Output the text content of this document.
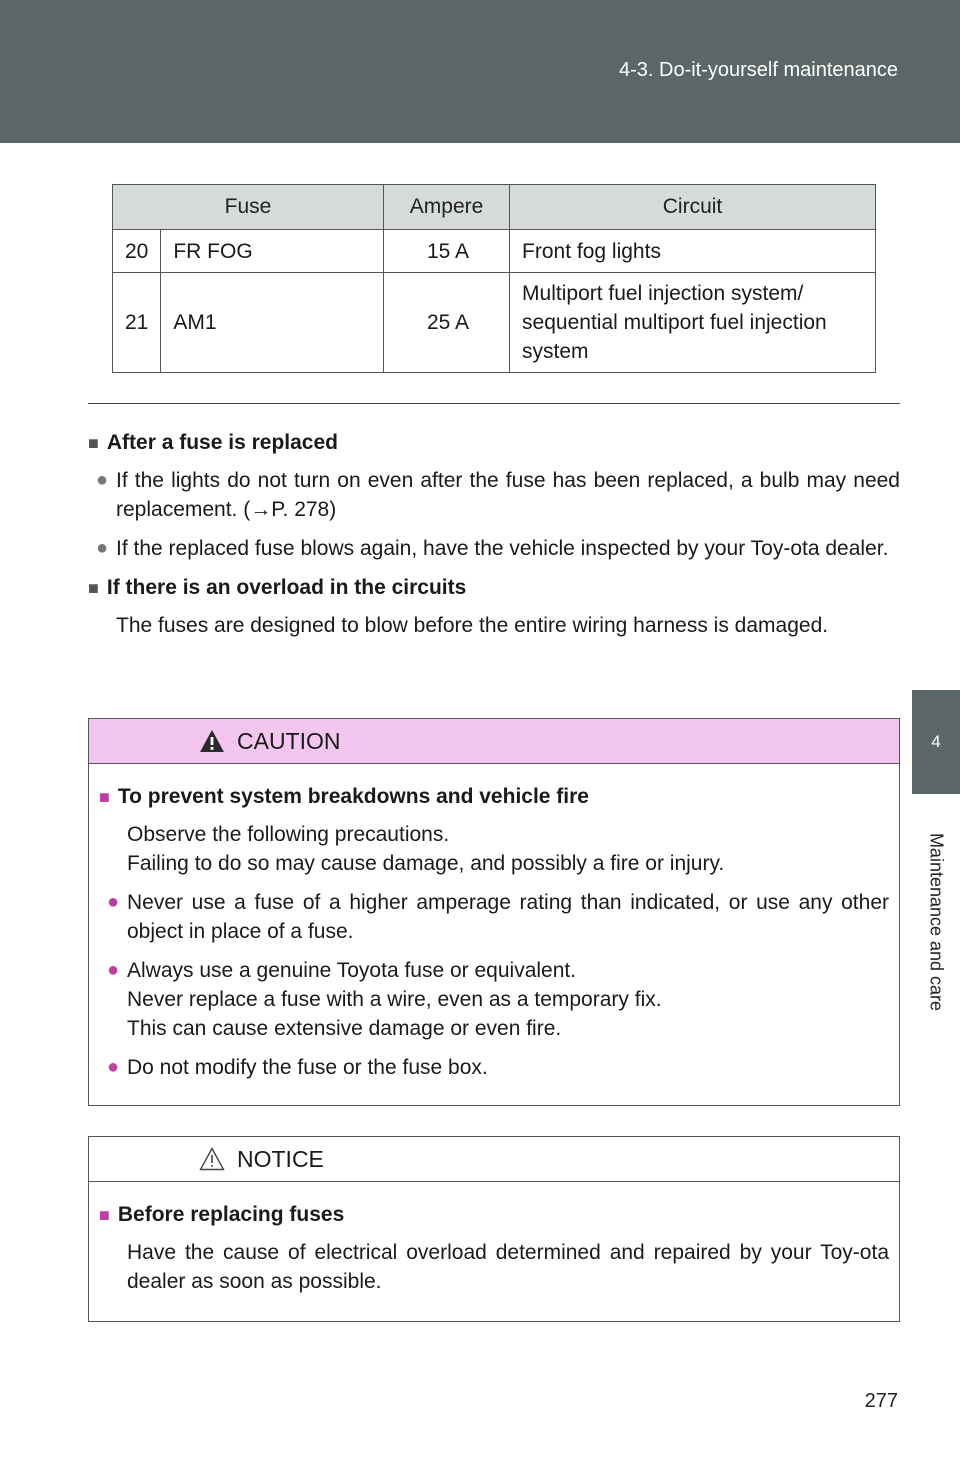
4-3. Do-it-yourself maintenance
4
Maintenance and care
Fuse		Ampere	Circuit
20	FR FOG	15 A	Front fog lights
21	AM1	25 A	Multiport fuel injection system/
sequential multiport fuel injection
system
■ After a fuse is replaced
● If the lights do not turn on even after the fuse has been replaced, a bulb may need replacement. (→P. 278)
● If the replaced fuse blows again, have the vehicle inspected by your Toy-ota dealer.
■ If there is an overload in the circuits
The fuses are designed to blow before the entire wiring harness is damaged.
CAUTION
■ To prevent system breakdowns and vehicle fire
Observe the following precautions.
Failing to do so may cause damage, and possibly a fire or injury.
● Never use a fuse of a higher amperage rating than indicated, or use any other object in place of a fuse.
● Always use a genuine Toyota fuse or equivalent.
Never replace a fuse with a wire, even as a temporary fix.
This can cause extensive damage or even fire.
● Do not modify the fuse or the fuse box.
NOTICE
■ Before replacing fuses
Have the cause of electrical overload determined and repaired by your Toy-ota dealer as soon as possible.
277
